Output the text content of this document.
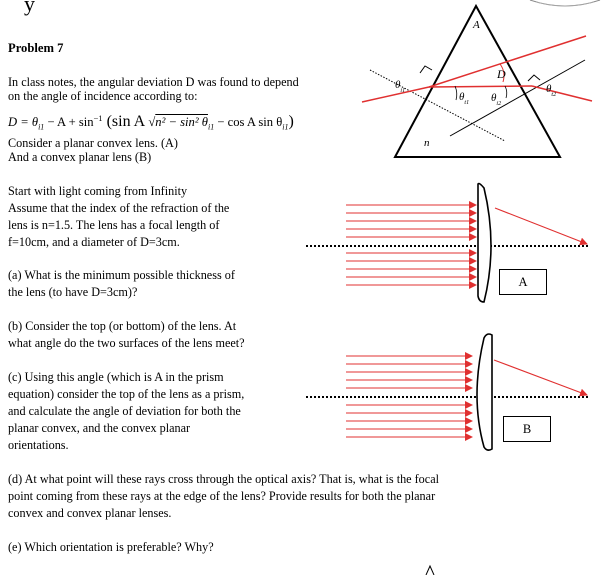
y
Problem 7
In class notes, the angular deviation D was found to depend
on the angle of incidence according to:
$D = \theta_{i1} - A + \sin^{-1} (\sin$ A √n² − sin² $\theta_{i1} - \cos A$ $\sin \theta_{i1}$)
Consider a planar convex lens. (A)
And a convex planar lens (B)
Start with light coming from Infinity
Assume that the index of the refraction of the
lens is n=1.5. The lens has a focal length of
f=10cm, and a diameter of D=3cm.
(a) What is the minimum possible thickness of
the lens (to have D=3cm)?
(b) Consider the top (or bottom) of the lens. At
what angle do the two surfaces of the lens meet?
(c) Using this angle (which is A in the prism
equation) consider the top of the lens as a prism,
and calculate the angle of deviation for both the
planar convex, and the convex planar
orientations.
(d) At what point will these rays cross through the optical axis? That is, what is the focal
point coming from these rays at the edge of the lens? Provide results for both the planar
convex and convex planar lenses.
(e) Which orientation is preferable? Why?
A
D
n
$\theta_{i1}$	$\theta_{t1}$ $\theta_{i2}$
$\theta_{t2}$
A
B
